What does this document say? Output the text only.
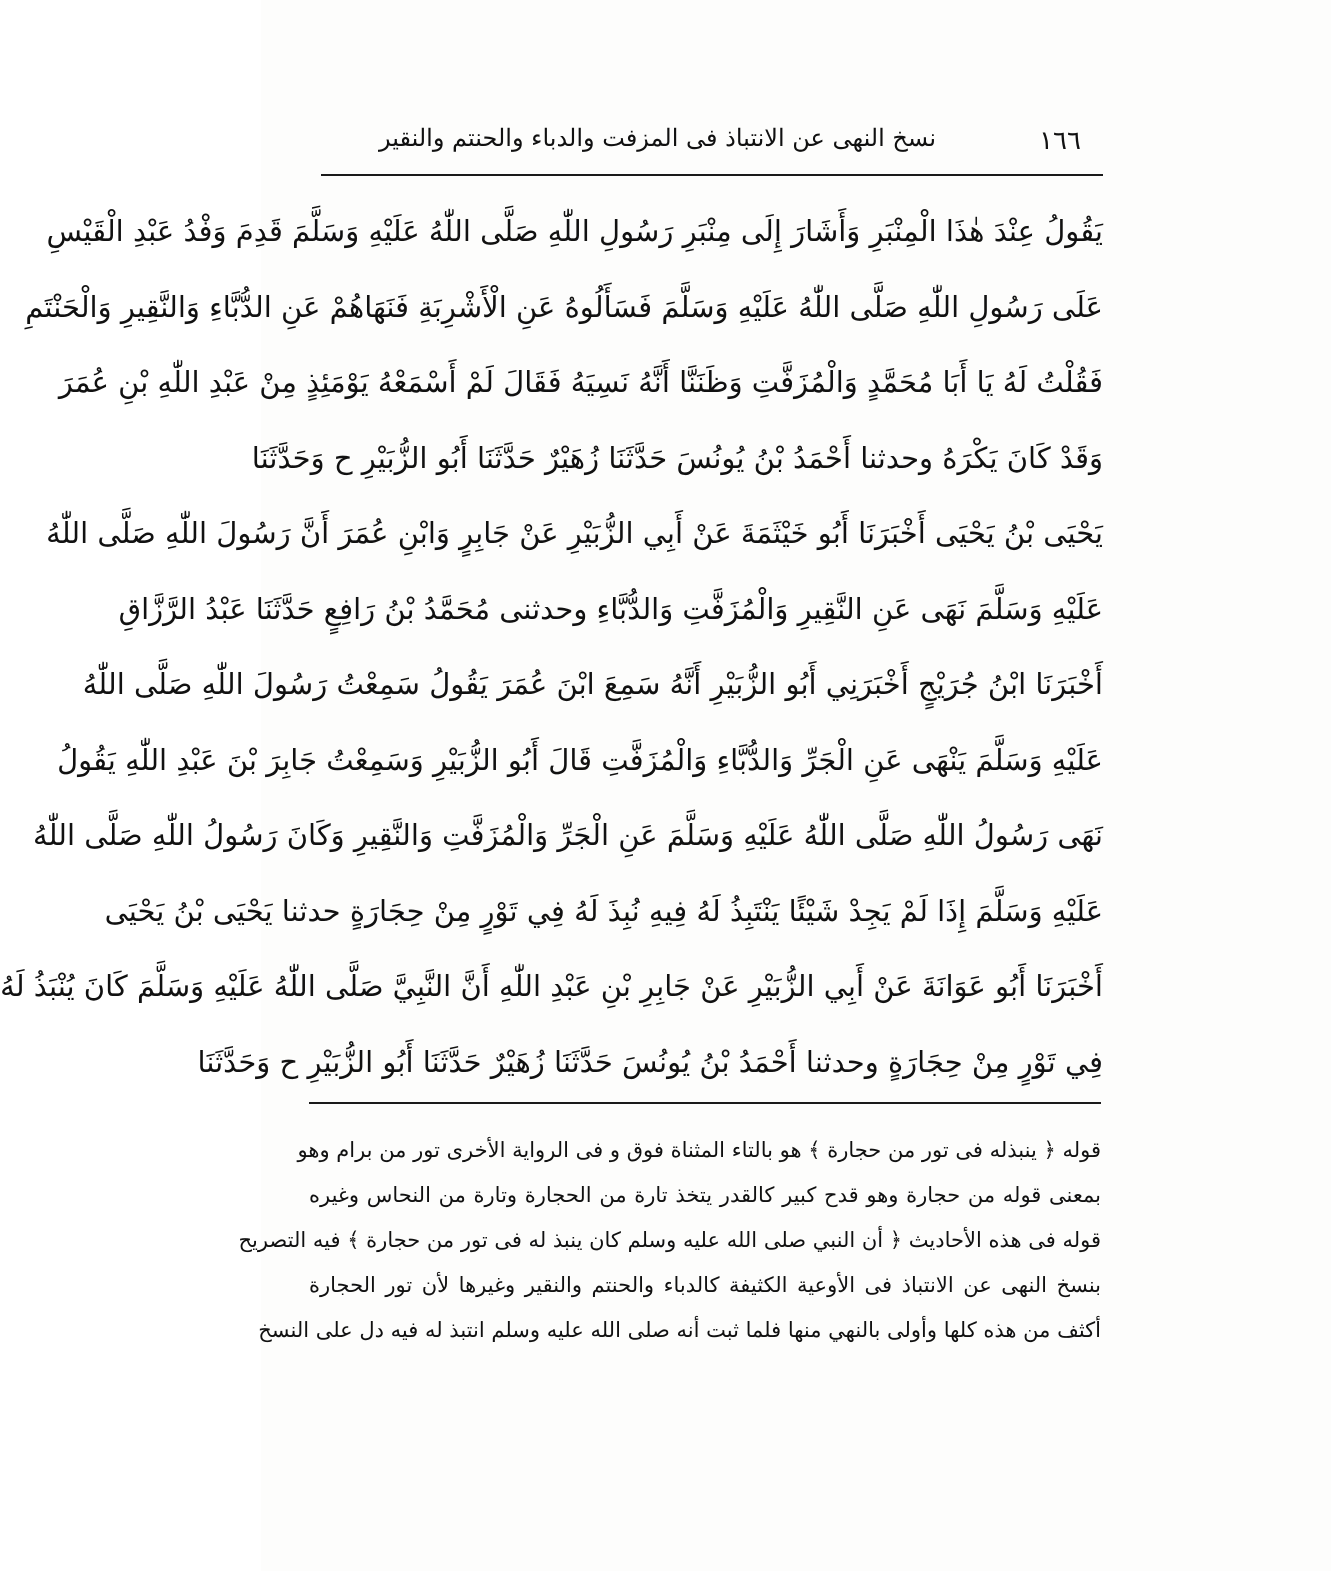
١٦٦
نسخ النهى عن الانتباذ فى المزفت والدباء والحنتم والنقير
يَقُولُ عِنْدَ هٰذَا الْمِنْبَرِ وَأَشَارَ إِلَى مِنْبَرِ رَسُولِ اللّٰهِ صَلَّى اللّٰهُ عَلَيْهِ وَسَلَّمَ قَدِمَ وَفْدُ عَبْدِ الْقَيْسِ
عَلَى رَسُولِ اللّٰهِ صَلَّى اللّٰهُ عَلَيْهِ وَسَلَّمَ فَسَأَلُوهُ عَنِ الْأَشْرِبَةِ فَنَهَاهُمْ عَنِ الدُّبَّاءِ وَالنَّقِيرِ وَالْحَنْتَمِ
فَقُلْتُ لَهُ يَا أَبَا مُحَمَّدٍ وَالْمُزَفَّتِ وَظَنَنَّا أَنَّهُ نَسِيَهُ فَقَالَ لَمْ أَسْمَعْهُ يَوْمَئِذٍ مِنْ عَبْدِ اللّٰهِ بْنِ عُمَرَ
وَقَدْ كَانَ يَكْرَهُ وحدثنا أَحْمَدُ بْنُ يُونُسَ حَدَّثَنَا زُهَيْرٌ حَدَّثَنَا أَبُو الزُّبَيْرِ ح وَحَدَّثَنَا
يَحْيَى بْنُ يَحْيَى أَخْبَرَنَا أَبُو خَيْثَمَةَ عَنْ أَبِي الزُّبَيْرِ عَنْ جَابِرٍ وَابْنِ عُمَرَ أَنَّ رَسُولَ اللّٰهِ صَلَّى اللّٰهُ
عَلَيْهِ وَسَلَّمَ نَهَى عَنِ النَّقِيرِ وَالْمُزَفَّتِ وَالدُّبَّاءِ وحدثنى مُحَمَّدُ بْنُ رَافِعٍ حَدَّثَنَا عَبْدُ الرَّزَّاقِ
أَخْبَرَنَا ابْنُ جُرَيْجٍ أَخْبَرَنِي أَبُو الزُّبَيْرِ أَنَّهُ سَمِعَ ابْنَ عُمَرَ يَقُولُ سَمِعْتُ رَسُولَ اللّٰهِ صَلَّى اللّٰهُ
عَلَيْهِ وَسَلَّمَ يَنْهَى عَنِ الْجَرِّ وَالدُّبَّاءِ وَالْمُزَفَّتِ قَالَ أَبُو الزُّبَيْرِ وَسَمِعْتُ جَابِرَ بْنَ عَبْدِ اللّٰهِ يَقُولُ
نَهَى رَسُولُ اللّٰهِ صَلَّى اللّٰهُ عَلَيْهِ وَسَلَّمَ عَنِ الْجَرِّ وَالْمُزَفَّتِ وَالنَّقِيرِ وَكَانَ رَسُولُ اللّٰهِ صَلَّى اللّٰهُ
عَلَيْهِ وَسَلَّمَ إِذَا لَمْ يَجِدْ شَيْئًا يَنْتَبِذُ لَهُ فِيهِ نُبِذَ لَهُ فِي تَوْرٍ مِنْ حِجَارَةٍ حدثنا يَحْيَى بْنُ يَحْيَى
أَخْبَرَنَا أَبُو عَوَانَةَ عَنْ أَبِي الزُّبَيْرِ عَنْ جَابِرِ بْنِ عَبْدِ اللّٰهِ أَنَّ النَّبِيَّ صَلَّى اللّٰهُ عَلَيْهِ وَسَلَّمَ كَانَ يُنْبَذُ لَهُ
فِي تَوْرٍ مِنْ حِجَارَةٍ وحدثنا أَحْمَدُ بْنُ يُونُسَ حَدَّثَنَا زُهَيْرٌ حَدَّثَنَا أَبُو الزُّبَيْرِ ح وَحَدَّثَنَا
قوله ﴿ ينبذله فى تور من حجارة ﴾ هو بالتاء المثناة فوق و فى الرواية الأخرى تور من برام وهو
بمعنى قوله من حجارة وهو قدح كبير كالقدر يتخذ تارة من الحجارة وتارة من النحاس وغيره
قوله فى هذه الأحاديث ﴿ أن النبي صلى الله عليه وسلم كان ينبذ له فى تور من حجارة ﴾ فيه التصريح
بنسخ النهى عن الانتباذ فى الأوعية الكثيفة كالدباء والحنتم والنقير وغيرها لأن تور الحجارة
أكثف من هذه كلها وأولى بالنهي منها فلما ثبت أنه صلى الله عليه وسلم انتبذ له فيه دل على النسخ
